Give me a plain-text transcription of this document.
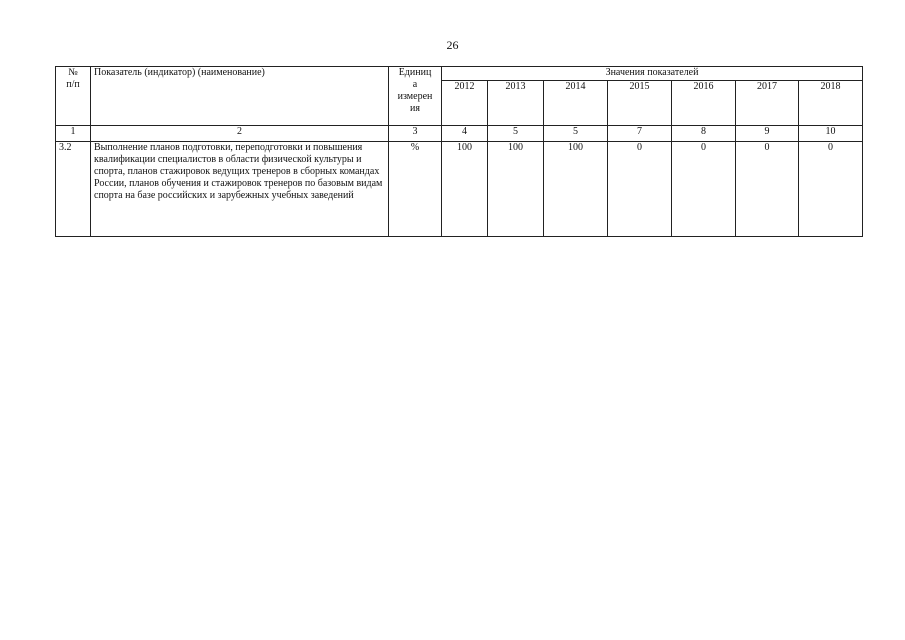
26
№
п/п	Показатель (индикатор) (наименование)	Единиц
а
измерен
ия	Значения показателей						
			2012	2013	2014	2015	2016	2017	2018
1	2	3	4	5	5	7	8	9	10
3.2	Выполнение планов подготовки, переподготовки и повышения квалификации специалистов в области физической культуры и спорта, планов стажировок ведущих тренеров в сборных командах России, планов обучения и стажировок тренеров по базовым видам спорта на базе российских и зарубежных учебных заведений	%	100	100	100	0	0	0	0
